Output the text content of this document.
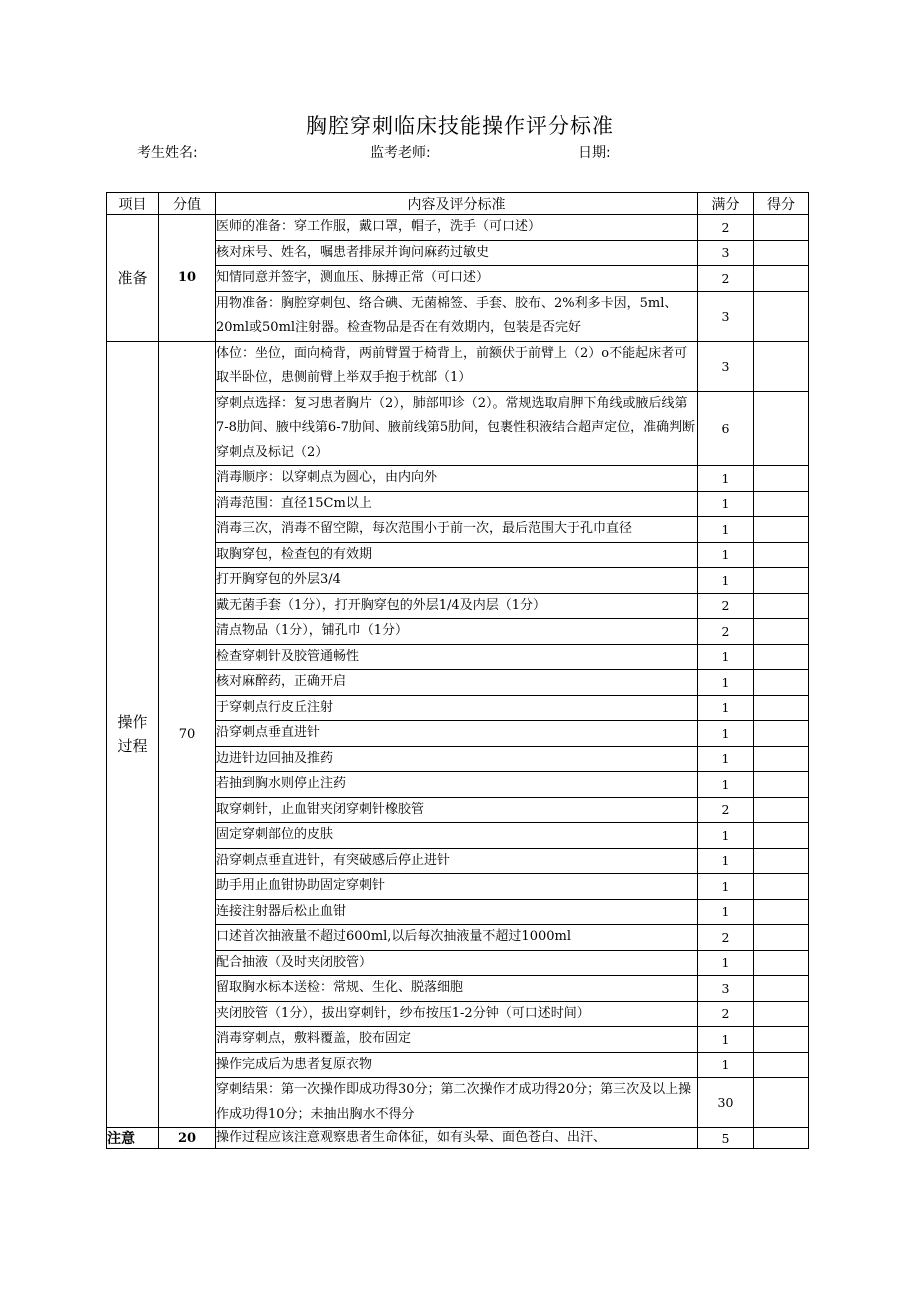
胸腔穿刺临床技能操作评分标准
考生姓名:	监考老师:	日期:
项目	分值	内容及评分标准	满分	得分
准备	10	医师的准备：穿工作服，戴口罩，帽子，洗手（可口述）	2	
		核对床号、姓名，嘱患者排尿并询问麻药过敏史	3	
		知情同意并签字，测血压、脉搏正常（可口述）	2	
		用物准备：胸腔穿刺包、络合碘、无菌棉签、手套、胶布、2%利多卡因，5ml、20ml或50ml注射器。检查物品是否在有效期内，包装是否完好	3	
操作过程	70	体位：坐位，面向椅背，两前臂置于椅背上，前额伏于前臂上（2）o不能起床者可取半卧位，患侧前臂上举双手抱于枕部（1）	3	
		穿刺点选择：复习患者胸片（2），肺部叩诊（2）。常规选取肩胛下角线或腋后线第7-8肋间、腋中线第6-7肋间、腋前线第5肋间，包裹性积液结合超声定位，准确判断穿刺点及标记（2）	6	
		消毒顺序：以穿刺点为圆心，由内向外	1	
		消毒范围：直径15Cm以上	1	
		消毒三次，消毒不留空隙，每次范围小于前一次，最后范围大于孔巾直径	1	
		取胸穿包，检查包的有效期	1	
		打开胸穿包的外层3/4	1	
		戴无菌手套（1分），打开胸穿包的外层1/4及内层（1分）	2	
		清点物品（1分），铺孔巾（1分）	2	
		检查穿刺针及胶管通畅性	1	
		核对麻醉药，正确开启	1	
		于穿刺点行皮丘注射	1	
		沿穿刺点垂直进针	1	
		边进针边回抽及推药	1	
		若抽到胸水则停止注药	1	
		取穿刺针，止血钳夹闭穿刺针橡胶管	2	
		固定穿刺部位的皮肤	1	
		沿穿刺点垂直进针，有突破感后停止进针	1	
		助手用止血钳协助固定穿刺针	1	
		连接注射器后松止血钳	1	
		口述首次抽液量不超过600ml,以后每次抽液量不超过1000ml	2	
		配合抽液（及时夹闭胶管）	1	
		留取胸水标本送检：常规、生化、脱落细胞	3	
		夹闭胶管（1分），拔出穿刺针，纱布按压1-2分钟（可口述时间）	2	
		消毒穿刺点，敷料覆盖，胶布固定	1	
		操作完成后为患者复原衣物	1	
		穿刺结果：第一次操作即成功得30分；第二次操作才成功得20分；第三次及以上操作成功得10分；未抽出胸水不得分	30	
注意	20	操作过程应该注意观察患者生命体征，如有头晕、面色苍白、出汗、	5	
